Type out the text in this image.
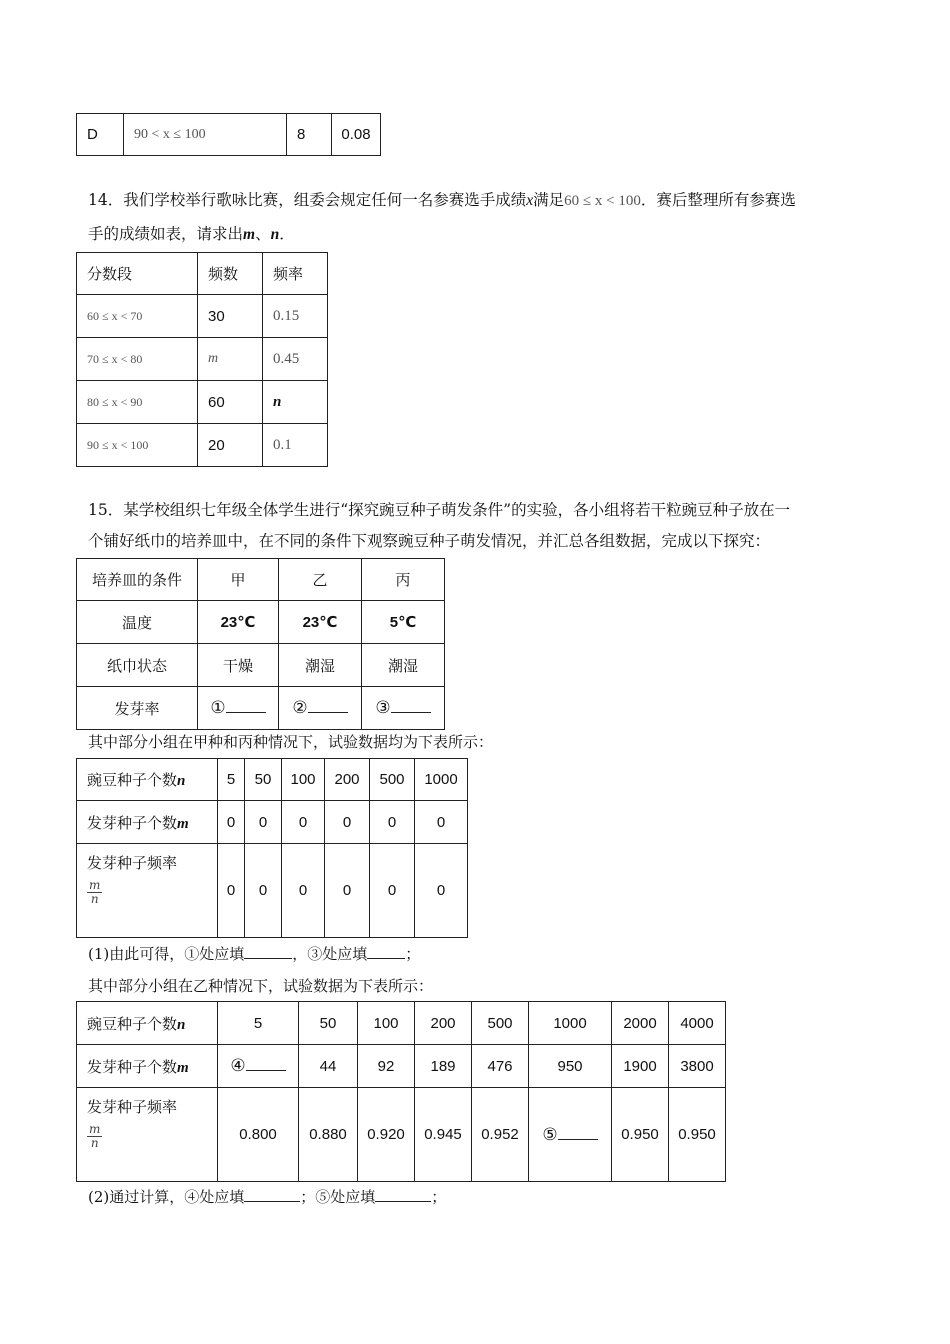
D	90 < x ≤ 100	8	0.08
14．我们学校举行歌咏比赛，组委会规定任何一名参赛选手成绩x满足60 ≤ x < 100．赛后整理所有参赛选
手的成绩如表，请求出m、n．
分数段	频数	频率
60 ≤ x < 70	30	0.15
70 ≤ x < 80	m	0.45
80 ≤ x < 90	60	n
90 ≤ x < 100	20	0.1
15．某学校组织七年级全体学生进行“探究豌豆种子萌发条件”的实验，各小组将若干粒豌豆种子放在一
个铺好纸巾的培养皿中，在不同的条件下观察豌豆种子萌发情况，并汇总各组数据，完成以下探究：
培养皿的条件	甲	乙	丙
温度	23℃	23℃	5℃
纸巾状态	干燥	潮湿	潮湿
发芽率	①	②	③
其中部分小组在甲种和丙种情况下，试验数据均为下表所示：
豌豆种子个数n	5	50	100	200	500	1000
发芽种子个数m	0	0	0	0	0	0

发芽种子频率
$\frac{m}{n}$	0	0	0	0	0	0
(1)由此可得，①处应填	，③处应填	；
其中部分小组在乙种情况下，试验数据为下表所示：
豌豆种子个数n	5	50	100	200	500	1000	2000	4000
发芽种子个数m	④	44	92	189	476	950	1900	3800

发芽种子频率
$\frac{m}{n}$	0.800	0.880	0.920	0.945	0.952	⑤	0.950	0.950
(2)通过计算，④处应填	；⑤处应填	；
